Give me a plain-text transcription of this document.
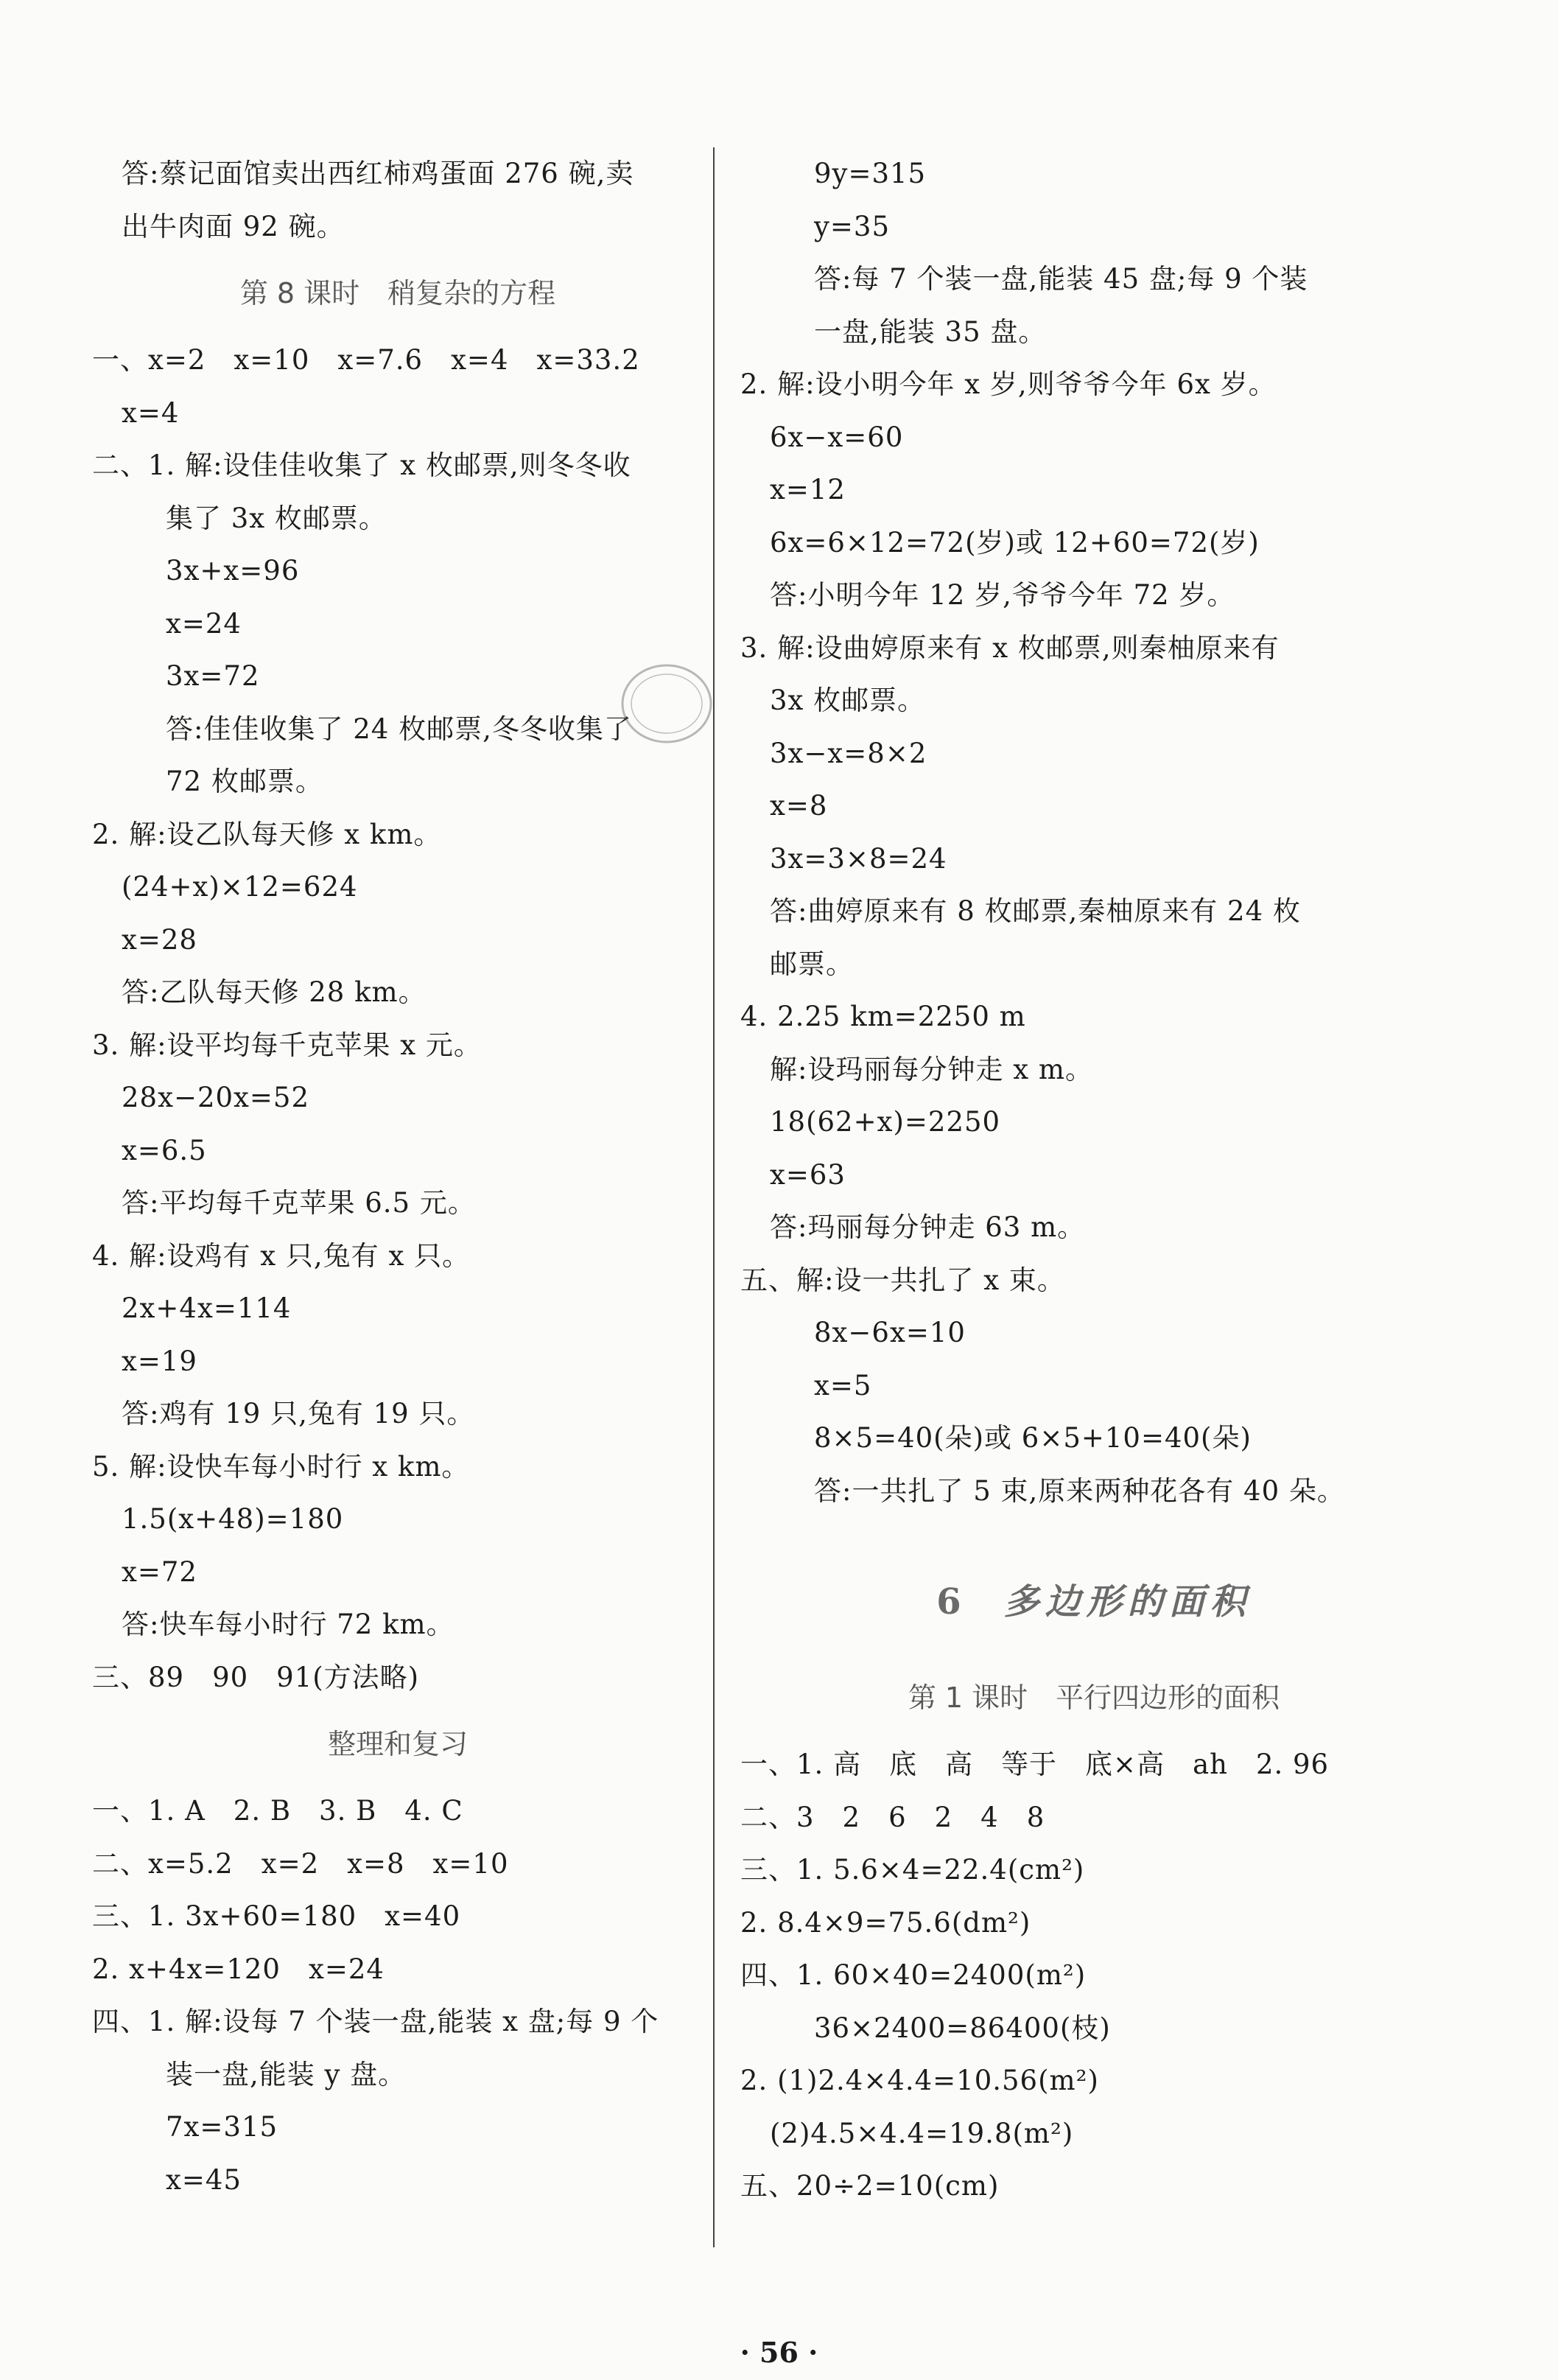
答:蔡记面馆卖出西红柿鸡蛋面 276 碗,卖
出牛肉面 92 碗。
第 8 课时　稍复杂的方程
一、x=2　x=10　x=7.6　x=4　x=33.2
x=4
二、1. 解:设佳佳收集了 x 枚邮票,则冬冬收
集了 3x 枚邮票。
3x+x=96
x=24
3x=72
答:佳佳收集了 24 枚邮票,冬冬收集了
72 枚邮票。
2. 解:设乙队每天修 x km。
(24+x)×12=624
x=28
答:乙队每天修 28 km。
3. 解:设平均每千克苹果 x 元。
28x−20x=52
x=6.5
答:平均每千克苹果 6.5 元。
4. 解:设鸡有 x 只,兔有 x 只。
2x+4x=114
x=19
答:鸡有 19 只,兔有 19 只。
5. 解:设快车每小时行 x km。
1.5(x+48)=180
x=72
答:快车每小时行 72 km。
三、89　90　91(方法略)
整理和复习
一、1. A　2. B　3. B　4. C
二、x=5.2　x=2　x=8　x=10
三、1. 3x+60=180　x=40
2. x+4x=120　x=24
四、1. 解:设每 7 个装一盘,能装 x 盘;每 9 个
装一盘,能装 y 盘。
7x=315
x=45
9y=315
y=35
答:每 7 个装一盘,能装 45 盘;每 9 个装
一盘,能装 35 盘。
2. 解:设小明今年 x 岁,则爷爷今年 6x 岁。
6x−x=60
x=12
6x=6×12=72(岁)或 12+60=72(岁)
答:小明今年 12 岁,爷爷今年 72 岁。
3. 解:设曲婷原来有 x 枚邮票,则秦柚原来有
3x 枚邮票。
3x−x=8×2
x=8
3x=3×8=24
答:曲婷原来有 8 枚邮票,秦柚原来有 24 枚
邮票。
4. 2.25 km=2250 m
解:设玛丽每分钟走 x m。
18(62+x)=2250
x=63
答:玛丽每分钟走 63 m。
五、解:设一共扎了 x 束。
8x−6x=10
x=5
8×5=40(朵)或 6×5+10=40(朵)
答:一共扎了 5 束,原来两种花各有 40 朵。
6 多边形的面积
第 1 课时　平行四边形的面积
一、1. 高　底　高　等于　底×高　ah　2. 96
二、3　2　6　2　4　8
三、1. 5.6×4=22.4(cm²)
2. 8.4×9=75.6(dm²)
四、1. 60×40=2400(m²)
36×2400=86400(枝)
2. (1)2.4×4.4=10.56(m²)
(2)4.5×4.4=19.8(m²)
五、20÷2=10(cm)
· 56 ·
